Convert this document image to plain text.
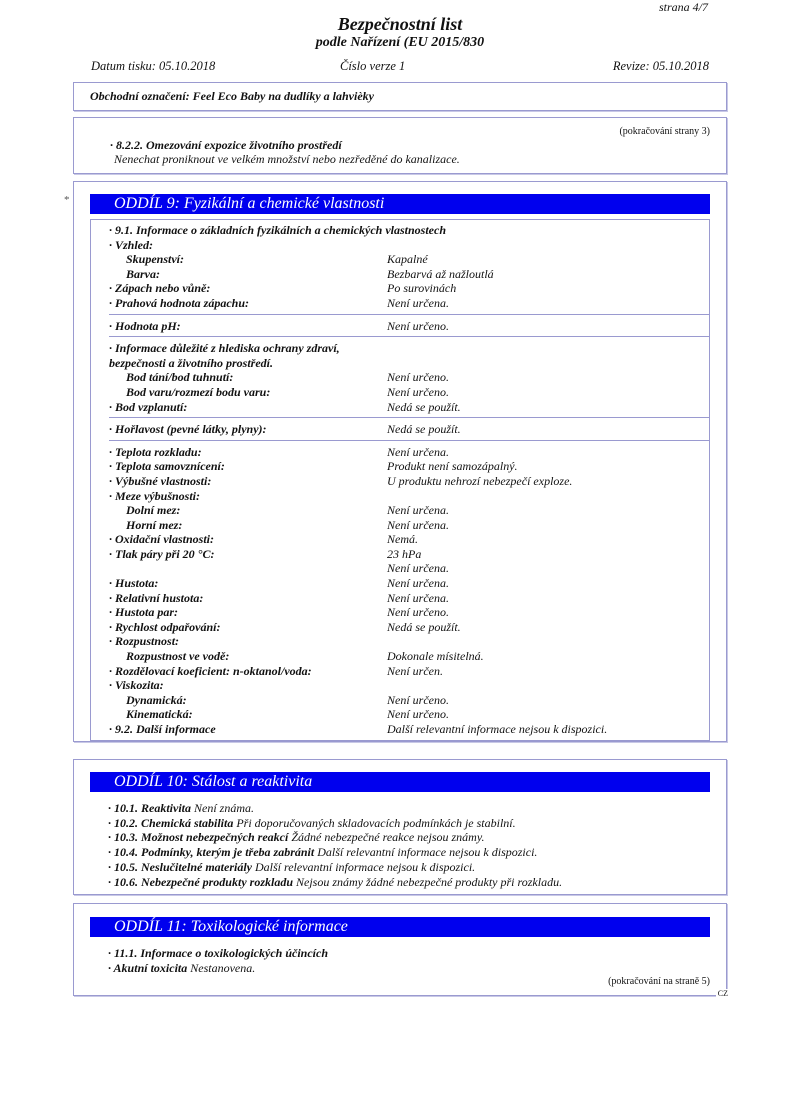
strana 4/7
Bezpečnostní list
podle Nařízení (EU 2015/830
Datum tisku: 05.10.2018	Číslo verze 1	Revize: 05.10.2018
Obchodní označení: Feel Eco Baby na dudlíky a lahvièky
(pokračování strany 3)
· 8.2.2. Omezování expozice životního prostředí
Nenechat proniknout ve velkém množství nebo nezředěné do kanalizace.
*	ODDÍL 9: Fyzikální a chemické vlastnosti
· 9.1. Informace o základních fyzikálních a chemických vlastnostech
· Vzhled:
Skupenství:	Kapalné
Barva:	Bezbarvá až nažloutlá
· Zápach nebo vůně:	Po surovinách
· Prahová hodnota zápachu:	Není určena.
· Hodnota pH:	Není určeno.
· Informace důležité z hlediska ochrany zdraví,
bezpečnosti a životního prostředí.
Bod tání/bod tuhnutí:	Není určeno.
Bod varu/rozmezí bodu varu:	Není určeno.
· Bod vzplanutí:	Nedá se použít.
· Hořlavost (pevné látky, plyny):	Nedá se použít.
· Teplota rozkladu:	Není určena.
· Teplota samovznícení:	Produkt není samozápalný.
· Výbušné vlastnosti:	U produktu nehrozí nebezpečí exploze.
· Meze výbušnosti:
Dolní mez:	Není určena.
Horní mez:	Není určena.
· Oxidační vlastnosti:	Nemá.
· Tlak páry při 20 °C:	23 hPa
Není určena.
· Hustota:	Není určena.
· Relativní hustota:	Není určena.
· Hustota par:	Není určeno.
· Rychlost odpařování:	Nedá se použít.
· Rozpustnost:
Rozpustnost ve vodě:	Dokonale mísitelná.
· Rozdělovací koeficient: n-oktanol/voda:	Není určen.
· Viskozita:
Dynamická:	Není určeno.
Kinematická:	Není určeno.
· 9.2. Další informace	Další relevantní informace nejsou k dispozici.
ODDÍL 10: Stálost a reaktivita
· 10.1. Reaktivita Není známa.
· 10.2. Chemická stabilita Při doporučovaných skladovacích podmínkách je stabilní.
· 10.3. Možnost nebezpečných reakcí Žádné nebezpečné reakce nejsou známy.
· 10.4. Podmínky, kterým je třeba zabránit Další relevantní informace nejsou k dispozici.
· 10.5. Neslučitelné materiály Další relevantní informace nejsou k dispozici.
· 10.6. Nebezpečné produkty rozkladu Nejsou známy žádné nebezpečné produkty při rozkladu.
ODDÍL 11: Toxikologické informace
· 11.1. Informace o toxikologických účincích
· Akutní toxicita Nestanovena.
(pokračování na straně 5)
CZ
